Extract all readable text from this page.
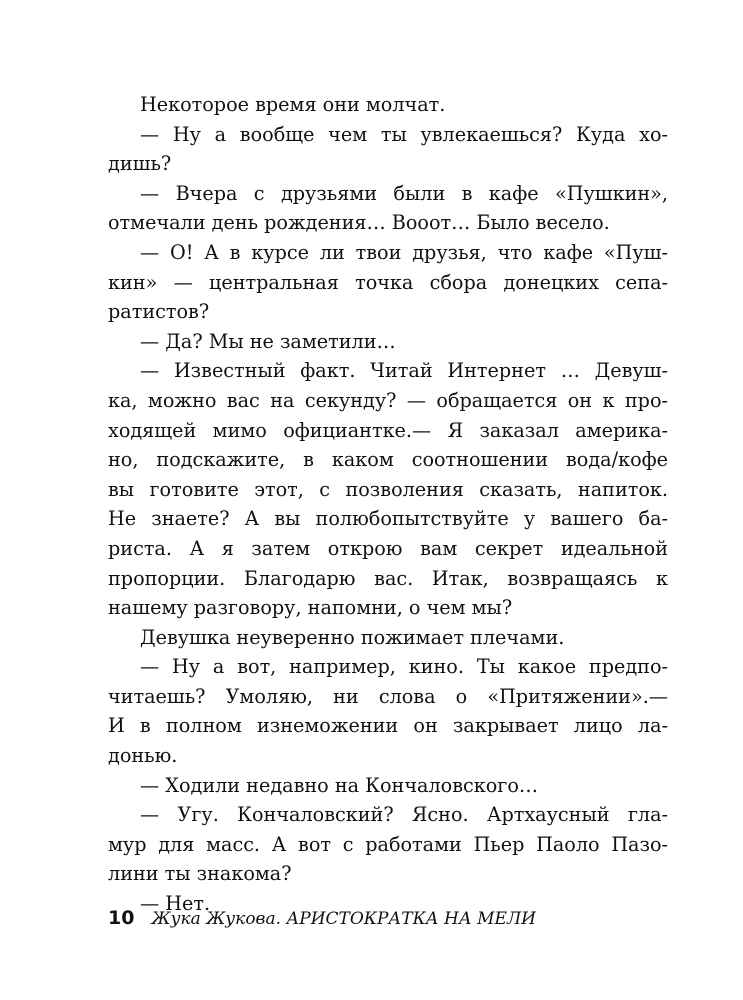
Некоторое время они молчат.
— Ну а вообще чем ты увлекаешься? Куда хо-
дишь?
— Вчера с друзьями были в кафе «Пушкин»,
отмечали день рождения… Вооот… Было весело.
— О! А в курсе ли твои друзья, что кафе «Пуш-
кин» — центральная точка сбора донецких сепа-
ратистов?
— Да? Мы не заметили…
— Известный факт. Читай Интернет … Девуш-
ка, можно вас на секунду? — обращается он к про-
ходящей мимо официантке.— Я заказал америка-
но, подскажите, в каком соотношении вода/кофе
вы готовите этот, с позволения сказать, напиток.
Не знаете? А вы полюбопытствуйте у вашего ба-
риста. А я затем открою вам секрет идеальной
пропорции. Благодарю вас. Итак, возвращаясь к
нашему разговору, напомни, о чем мы?
Девушка неуверенно пожимает плечами.
— Ну а вот, например, кино. Ты какое предпо-
читаешь? Умоляю, ни слова о «Притяжении».—
И в полном изнеможении он закрывает лицо ла-
донью.
— Ходили недавно на Кончаловского…
— Угу. Кончаловский? Ясно. Артхаусный гла-
мур для масс. А вот с работами Пьер Паоло Пазо-
лини ты знакома?
— Нет.
10 Жука Жукова. АРИСТОКРАТКА НА МЕЛИ
